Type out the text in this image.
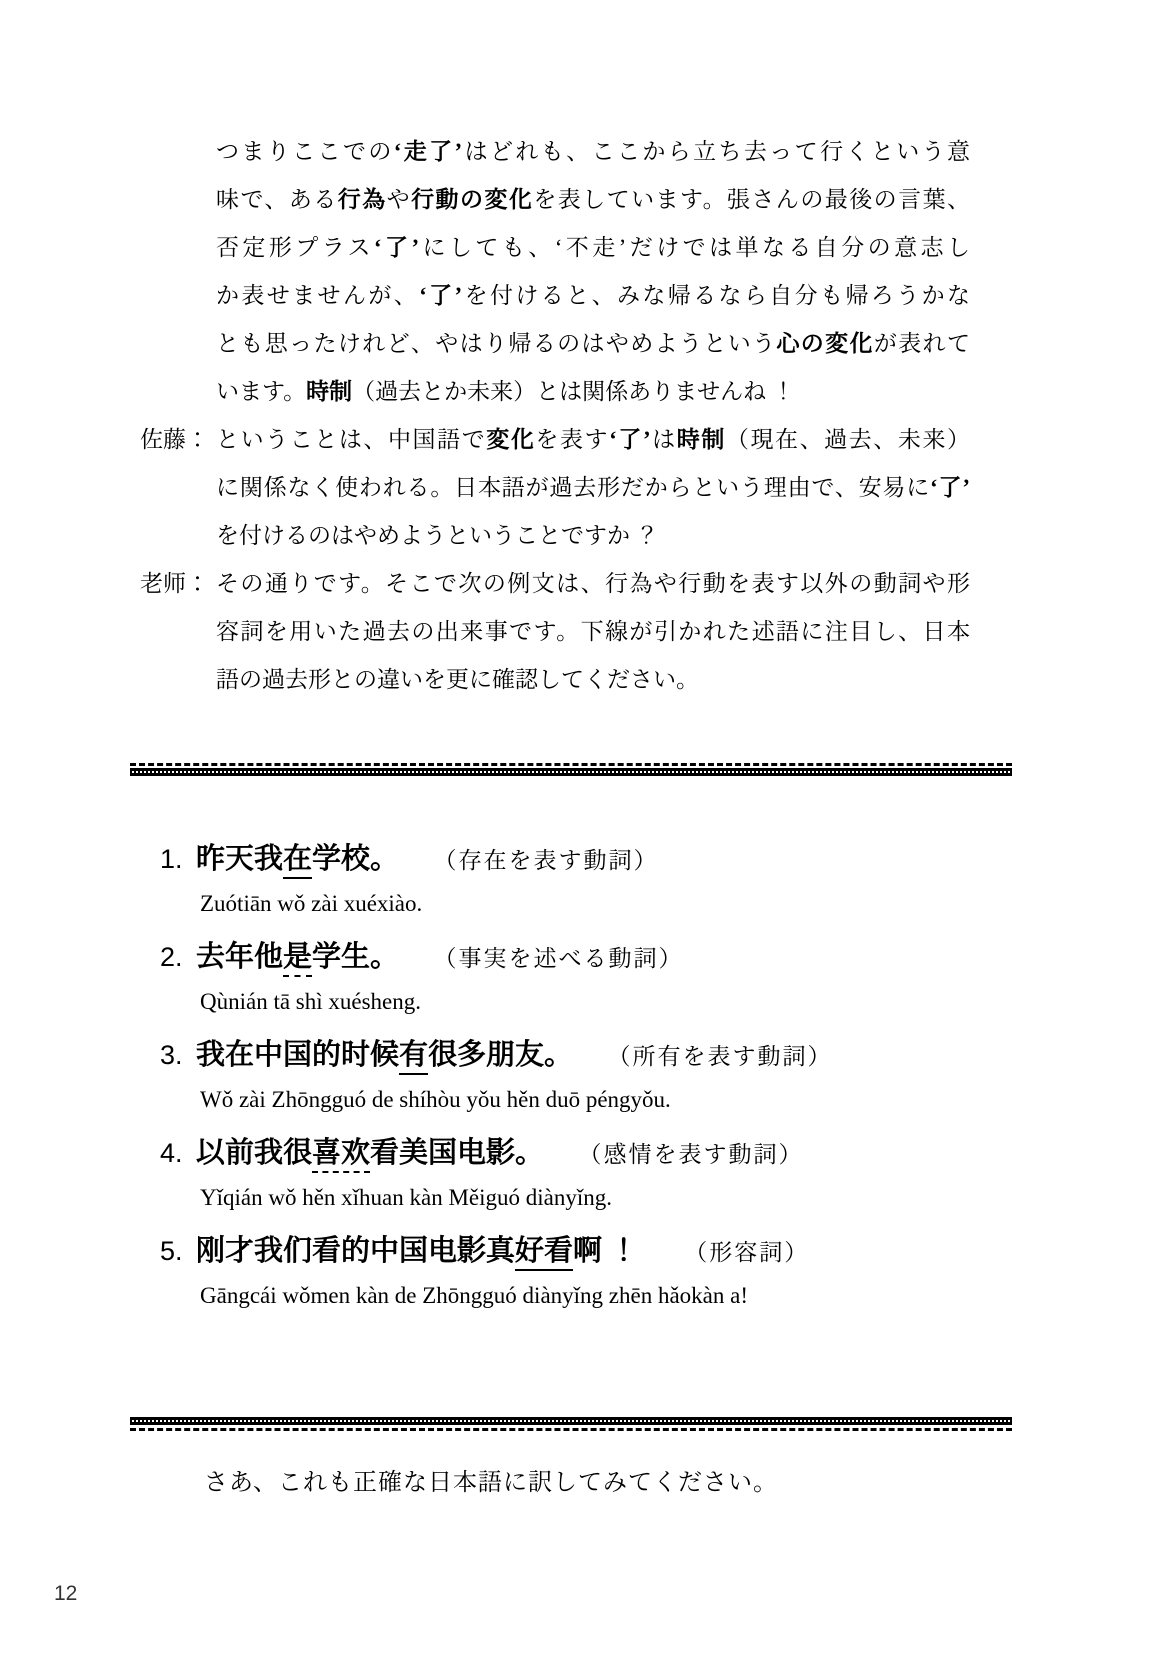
つまりここでの‘走了’はどれも、ここから立ち去って行くという意
味で、ある行為や行動の変化を表しています。張さんの最後の言葉、
否定形プラス‘了’にしても、‘不走’だけでは単なる自分の意志し
か表せませんが、‘了’を付けると、みな帰るなら自分も帰ろうかな
とも思ったけれど、やはり帰るのはやめようという心の変化が表れて
います。時制（過去とか未来）とは関係ありませんね ！
佐藤： ということは、中国語で変化を表す‘了’は時制（現在、過去、未来）
に関係なく使われる。日本語が過去形だからという理由で、安易に‘了’
を付けるのはやめようということですか ？
老师： その通りです。そこで次の例文は、行為や行動を表す以外の動詞や形
容詞を用いた過去の出来事です。下線が引かれた述語に注目し、日本
語の過去形との違いを更に確認してください。
1. 昨天我在学校。 （存在を表す動詞）
Zuótiān wǒ zài xuéxiào.
2. 去年他是学生。 （事実を述べる動詞）
Qùnián tā shì xuésheng.
3. 我在中国的时候有很多朋友。 （所有を表す動詞）
Wǒ zài Zhōngguó de shíhòu yǒu hěn duō péngyǒu.
4. 以前我很喜欢看美国电影。 （感情を表す動詞）
Yǐqián wǒ hěn xǐhuan kàn Měiguó diànyǐng.
5. 刚才我们看的中国电影真好看啊 ！ （形容詞）
Gāngcái wǒmen kàn de Zhōngguó diànyǐng zhēn hǎokàn a!
さあ、これも正確な日本語に訳してみてください。
12
